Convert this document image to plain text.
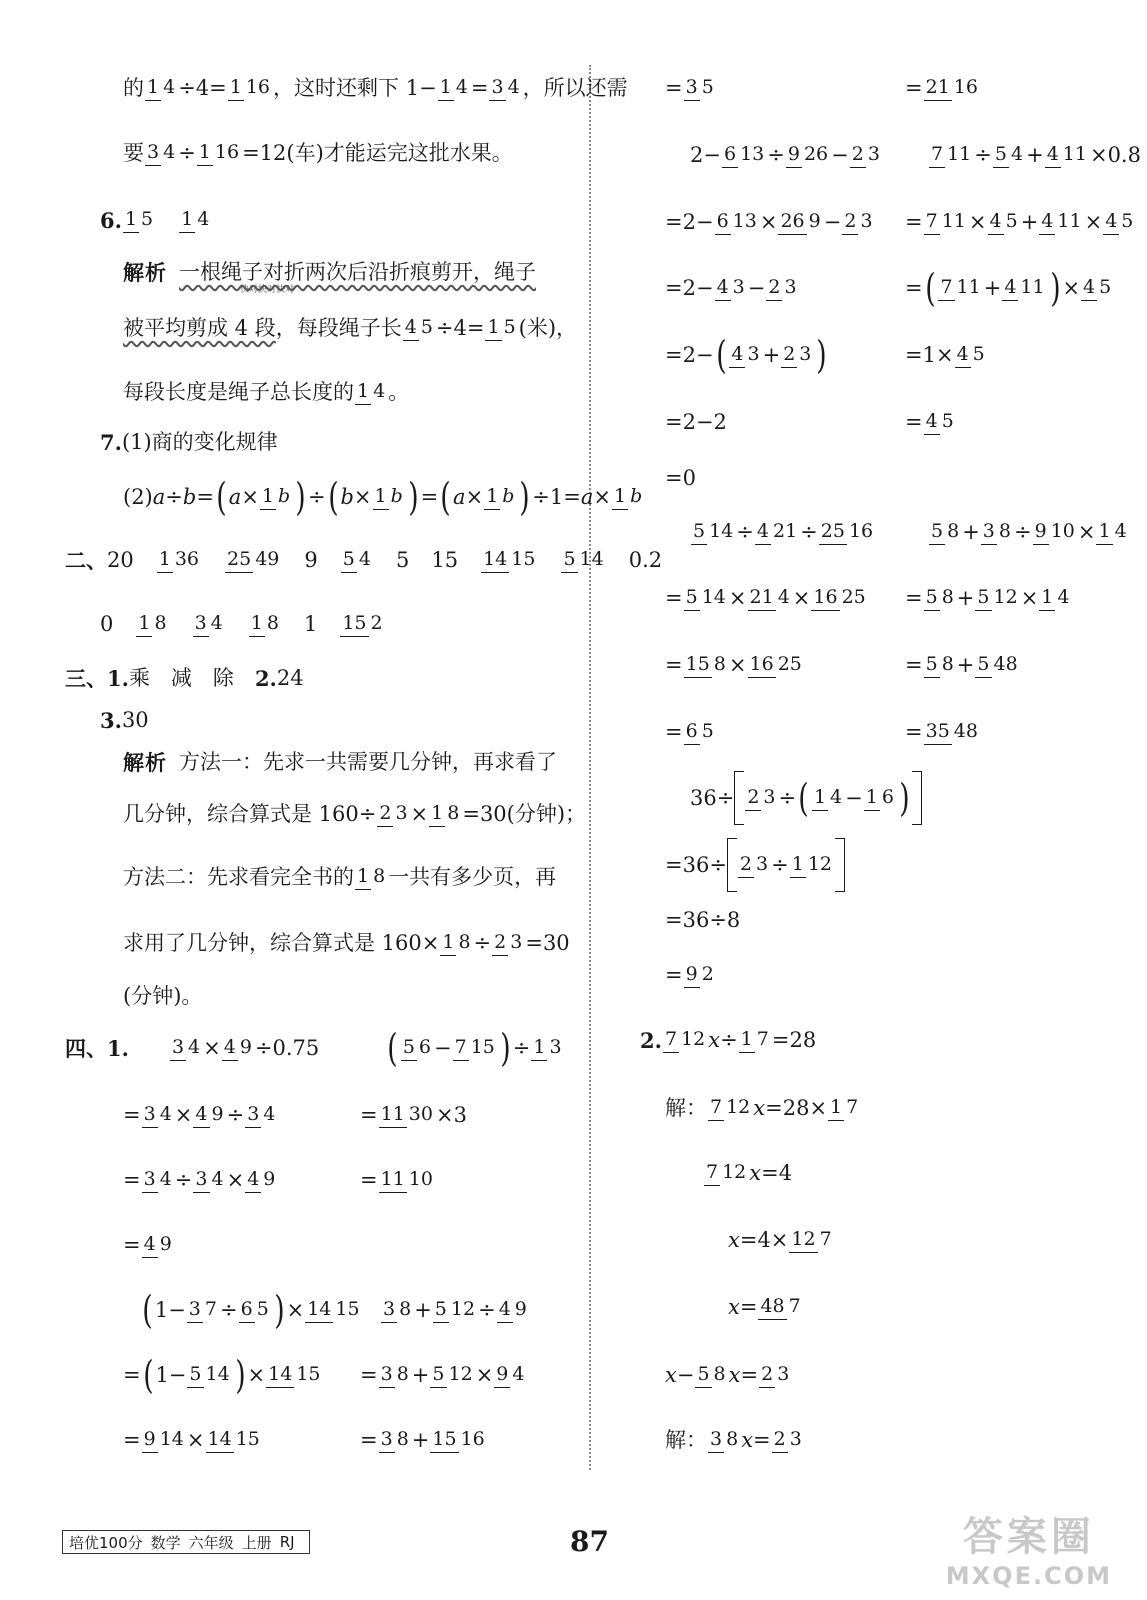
的 1 4 ÷4= 1 16 ，这时还剩下 1− 1 4 = 3 4 ，所以还需
要 3 4 ÷ 1 16 =12(车)才能运完这批水果。
6. 1 5 1 4
解析 一根绳子对折两次后沿折痕剪开，绳子
被平均剪成 4 段 ，每段绳子长 4 5 ÷4= 1 5 (米)，
每段长度是绳子总长度的 1 4 。
7. (1)商的变化规律
(2) a ÷ b = ( a × 1 b ) ÷ ( b × 1 b ) = ( a × 1 b ) ÷1= a × 1 b
二、 20 1 36 25 49 9 5 4 5 15 14 15 5 14 0.2
0 1 8 3 4 1 8 1 15 2
三、1. 乘　减　除　 2. 24
3. 30
解析 方法一：先求一共需要几分钟，再求看了
几分钟，综合算式是 160÷ 2 3 × 1 8 =30(分钟)；
方法二：先求看完全书的 1 8 一共有多少页，再
求用了几分钟，综合算式是 160× 1 8 ÷ 2 3 =30
(分钟)。
四、1. 3 4 × 4 9 ÷0.75 ( 5 6 − 7 15 ) ÷ 1 3
= 3 4 × 4 9 ÷ 3 4	= 11 30 ×3
= 3 4 ÷ 3 4 × 4 9	= 11 10
= 4 9
( 1− 3 7 ÷ 6 5 ) × 14 15 3 8 + 5 12 ÷ 4 9
= ( 1− 5 14 ) × 14 15 = 3 8 + 5 12 × 9 4
= 9 14 × 14 15	= 3 8 + 15 16
= 3 5	= 21 16
2− 6 13 ÷ 9 26 − 2 3	7 11 ÷ 5 4 + 4 11 ×0.8
=2− 6 13 × 26 9 − 2 3 = 7 11 × 4 5 + 4 11 × 4 5
=2− 4 3 − 2 3	= ( 7 11 + 4 11 ) × 4 5
=2− ( 4 3 + 2 3 )	=1× 4 5
=2−2	= 4 5
=0
5 14 ÷ 4 21 ÷ 25 16	5 8 + 3 8 ÷ 9 10 × 1 4
= 5 14 × 21 4 × 16 25 = 5 8 + 5 12 × 1 4
= 15 8 × 16 25	= 5 8 + 5 48
= 6 5	= 35 48
36÷ 2 3 ÷ ( 1 4 − 1 6 )
=36÷ 2 3 ÷ 1 12
=36÷8
= 9 2
2. 7 12 x ÷ 1 7 =28
解： 7 12 x =28× 1 7
7 12 x =4
x =4× 12 7
x = 48 7
x − 5 8 x = 2 3
解： 3 8 x = 2 3
快对快对快对
培优100分 数学 六年级 上册 RJ	87	答案圈
MXQE.COM
